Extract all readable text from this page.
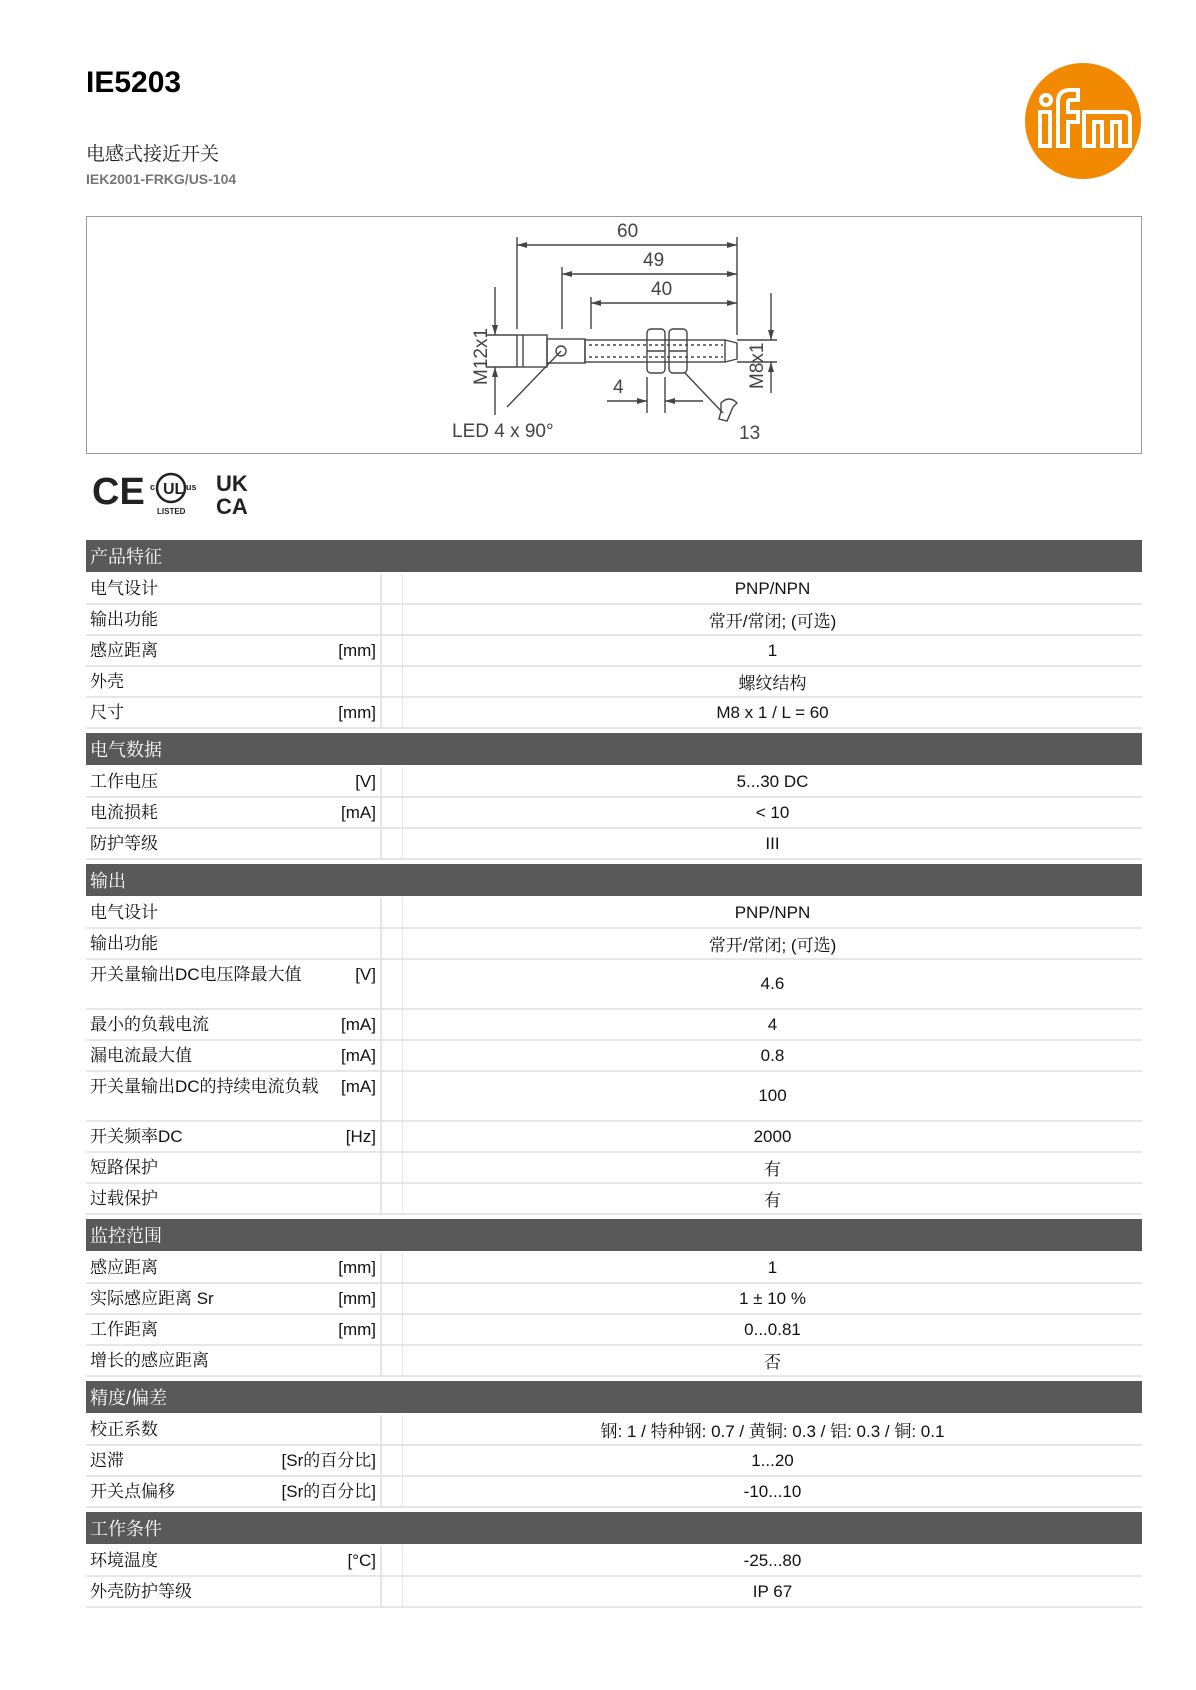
IE5203
电感式接近开关
IEK2001-FRKG/US-104
60
49
40
4
LED 4 x 90°	13
M12x1	M8x1
CE UL
c	us
LISTED
UK
CA
产品特征
电气设计	PNP/NPN
输出功能	常开/常闭; (可选)
感应距离	[mm]	1
外壳	螺纹结构
尺寸	[mm]	M8 x 1 / L = 60
电气数据
工作电压	[V]	5...30 DC
电流损耗	[mA]	< 10
防护等级	III
输出
电气设计	PNP/NPN
输出功能	常开/常闭; (可选)
开关量输出DC电压降最大值	[V]	4.6
最小的负载电流	[mA]	4
漏电流最大值	[mA]	0.8
开关量输出DC的持续电流负载	[mA]	100
开关频率DC	[Hz]	2000
短路保护	有
过载保护	有
监控范围
感应距离	[mm]	1
实际感应距离 Sr	[mm]	1 ± 10 %
工作距离	[mm]	0...0.81
增长的感应距离	否
精度/偏差
校正系数	钢: 1 / 特种钢: 0.7 / 黄铜: 0.3 / 铝: 0.3 / 铜: 0.1
迟滞	[Sr的百分比]	1...20
开关点偏移	[Sr的百分比]	-10...10
工作条件
环境温度	[°C]	-25...80
外壳防护等级	IP 67
